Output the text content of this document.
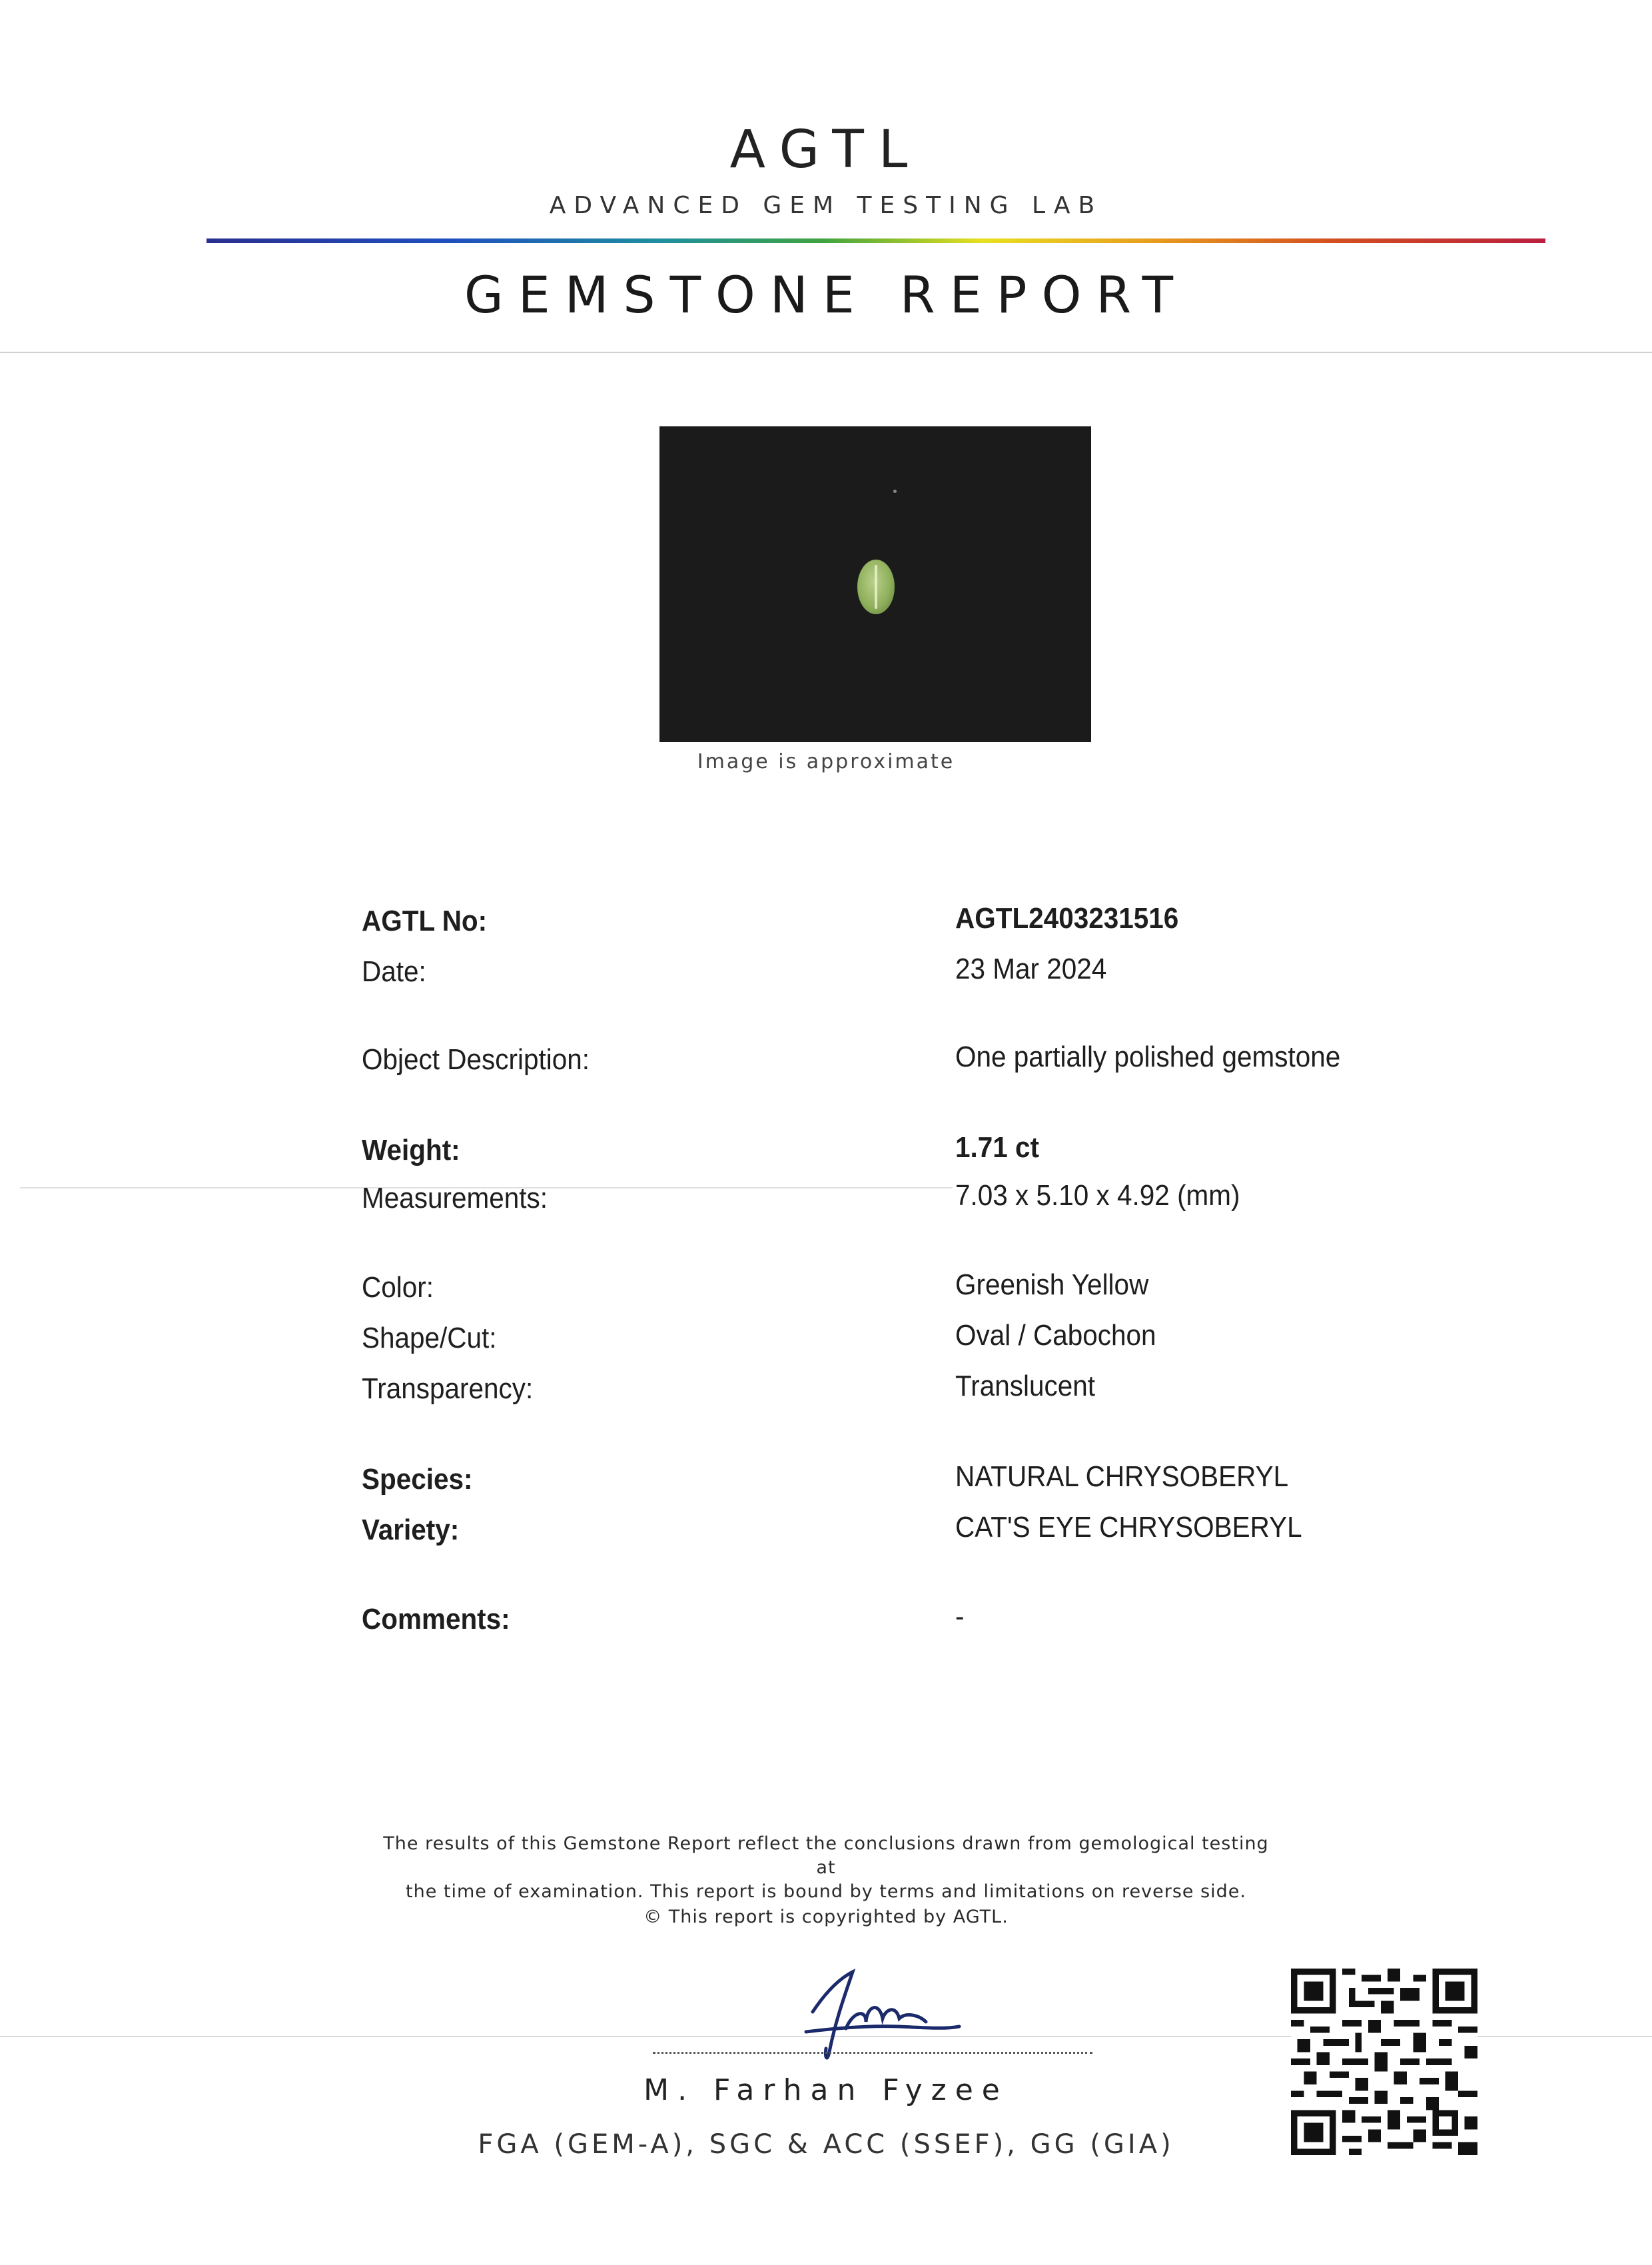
AGTL
ADVANCED GEM TESTING LAB
GEMSTONE REPORT
Image is approximate
AGTL No:	AGTL2403231516
Date:	23 Mar 2024
Object Description:	One partially polished gemstone
Weight:	1.71 ct
Measurements:	7.03 x 5.10 x 4.92 (mm)
Color:	Greenish Yellow
Shape/Cut:	Oval / Cabochon
Transparency:	Translucent
Species:	NATURAL CHRYSOBERYL
Variety:	CAT'S EYE CHRYSOBERYL
Comments:	-
The results of this Gemstone Report reflect the conclusions drawn from gemological testing at
the time of examination. This report is bound by terms and limitations on reverse side.
© This report is copyrighted by AGTL.
M. Farhan Fyzee
FGA (GEM-A), SGC & ACC (SSEF), GG (GIA)
